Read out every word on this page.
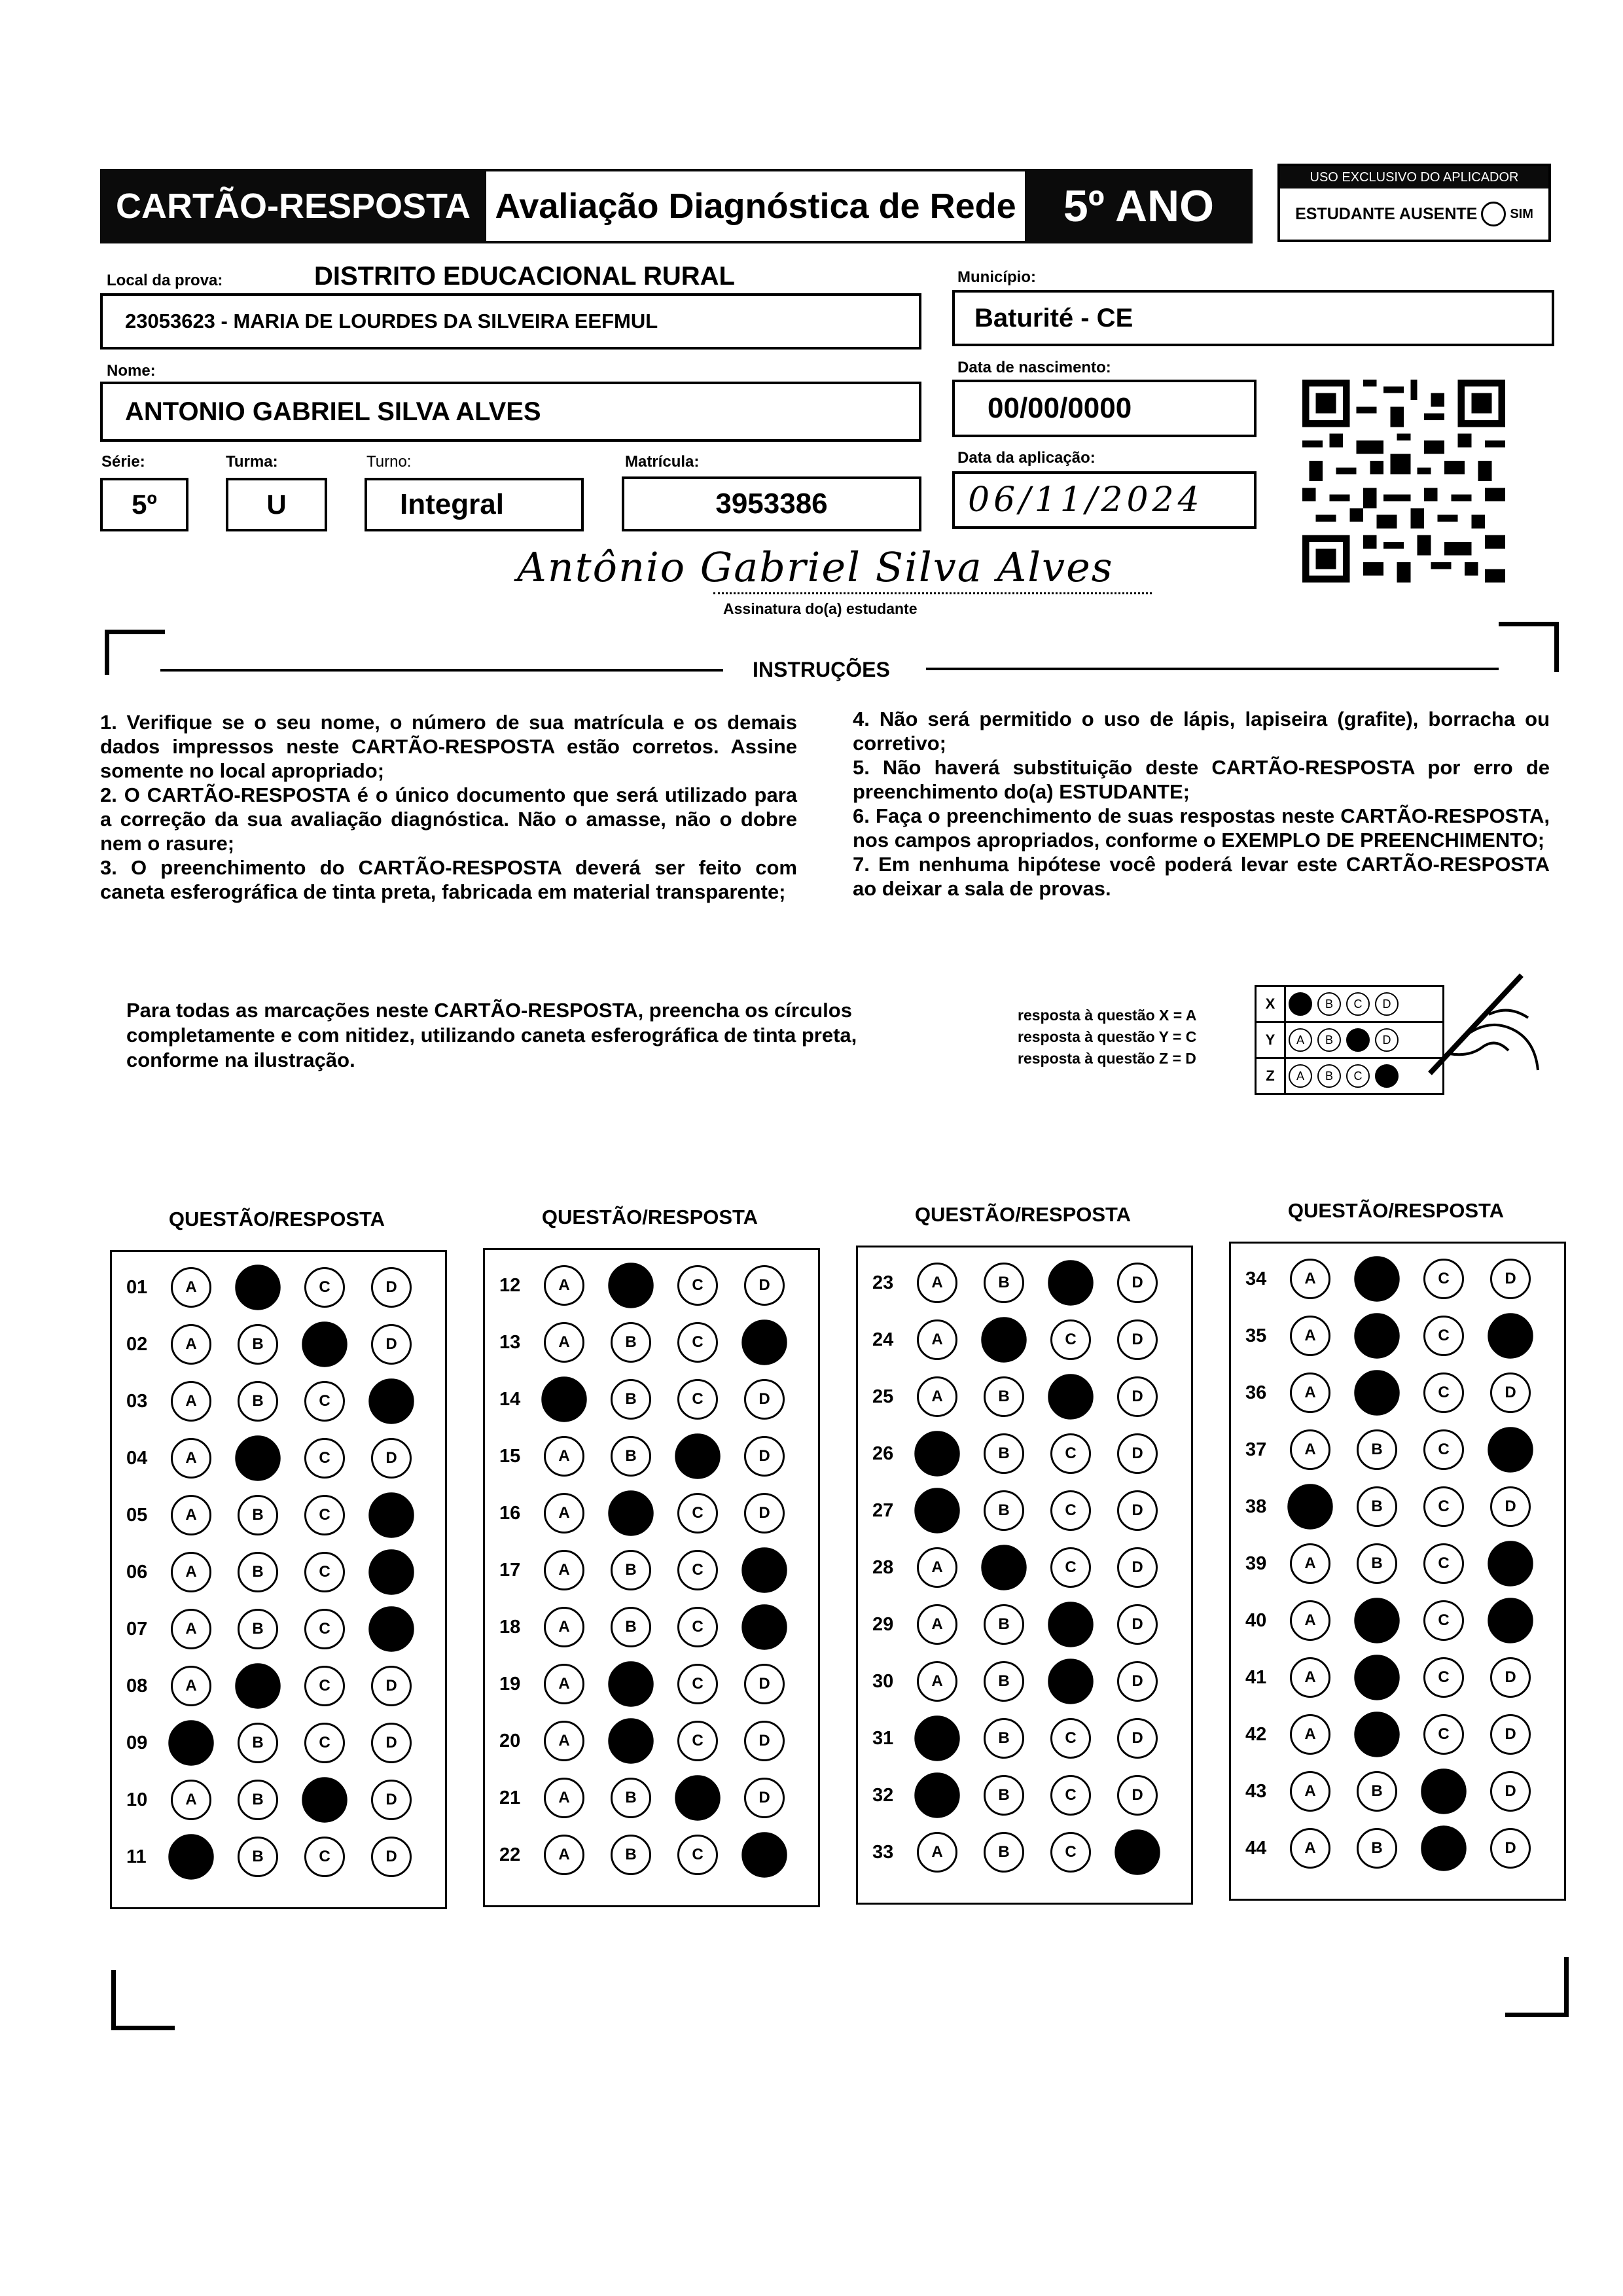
CARTÃO-RESPOSTA Avaliação Diagnóstica de Rede	5º ANO
USO EXCLUSIVO DO APLICADOR
ESTUDANTE AUSENTE	SIM
Local da prova:	DISTRITO EDUCACIONAL RURAL
23053623 - MARIA DE LOURDES DA SILVEIRA EEFMUL
Município:
Baturité - CE
Nome:
ANTONIO GABRIEL SILVA ALVES
Data de nascimento:
00/00/0000
Série:
5º
Turma:
U
Turno:
Integral
Matrícula:
3953386
Data da aplicação:
06/11/2024
Antônio Gabriel Silva Alves
Assinatura do(a) estudante
INSTRUÇÕES
1. Verifique se o seu nome, o número de sua matrícula e os demais dados impressos neste CARTÃO-RESPOSTA estão corretos. Assine somente no local apropriado;
2. O CARTÃO-RESPOSTA é o único documento que será utilizado para a correção da sua avaliação diagnóstica. Não o amasse, não o dobre nem o rasure;
3. O preenchimento do CARTÃO-RESPOSTA deverá ser feito com caneta esferográfica de tinta preta, fabricada em material transparente;
4. Não será permitido o uso de lápis, lapiseira (grafite), borracha ou corretivo;
5. Não haverá substituição deste CARTÃO-RESPOSTA por erro de preenchimento do(a) ESTUDANTE;
6. Faça o preenchimento de suas respostas neste CARTÃO-RESPOSTA, nos campos apropriados, conforme o EXEMPLO DE PREENCHIMENTO;
7. Em nenhuma hipótese você poderá levar este CARTÃO-RESPOSTA ao deixar a sala de provas.
Para todas as marcações neste CARTÃO-RESPOSTA, preencha os círculos completamente e com nitidez, utilizando caneta esferográfica de tinta preta, conforme na ilustração.
resposta à questão X = A
resposta à questão Y = C
resposta à questão Z = D
X	A	B	C	D
Y	A	B	C	D
Z	A	B	C	D
QUESTÃO/RESPOSTA
01	A	B	C	D
02	A	B	C	D
03	A	B	C	D
04	A	B	C	D
05	A	B	C	D
06	A	B	C	D
07	A	B	C	D
08	A	B	C	D
09	A	B	C	D
10	A	B	C	D
11	A	B	C	D
QUESTÃO/RESPOSTA
12	A	B	C	D
13	A	B	C	D
14	A	B	C	D
15	A	B	C	D
16	A	B	C	D
17	A	B	C	D
18	A	B	C	D
19	A	B	C	D
20	A	B	C	D
21	A	B	C	D
22	A	B	C	D
QUESTÃO/RESPOSTA
23	A	B	C	D
24	A	B	C	D
25	A	B	C	D
26	A	B	C	D
27	A	B	C	D
28	A	B	C	D
29	A	B	C	D
30	A	B	C	D
31	A	B	C	D
32	A	B	C	D
33	A	B	C	D
QUESTÃO/RESPOSTA
34	A	B	C	D
35	A	B	C	D
36	A	B	C	D
37	A	B	C	D
38	A	B	C	D
39	A	B	C	D
40	A	B	C	D
41	A	B	C	D
42	A	B	C	D
43	A	B	C	D
44	A	B	C	D
